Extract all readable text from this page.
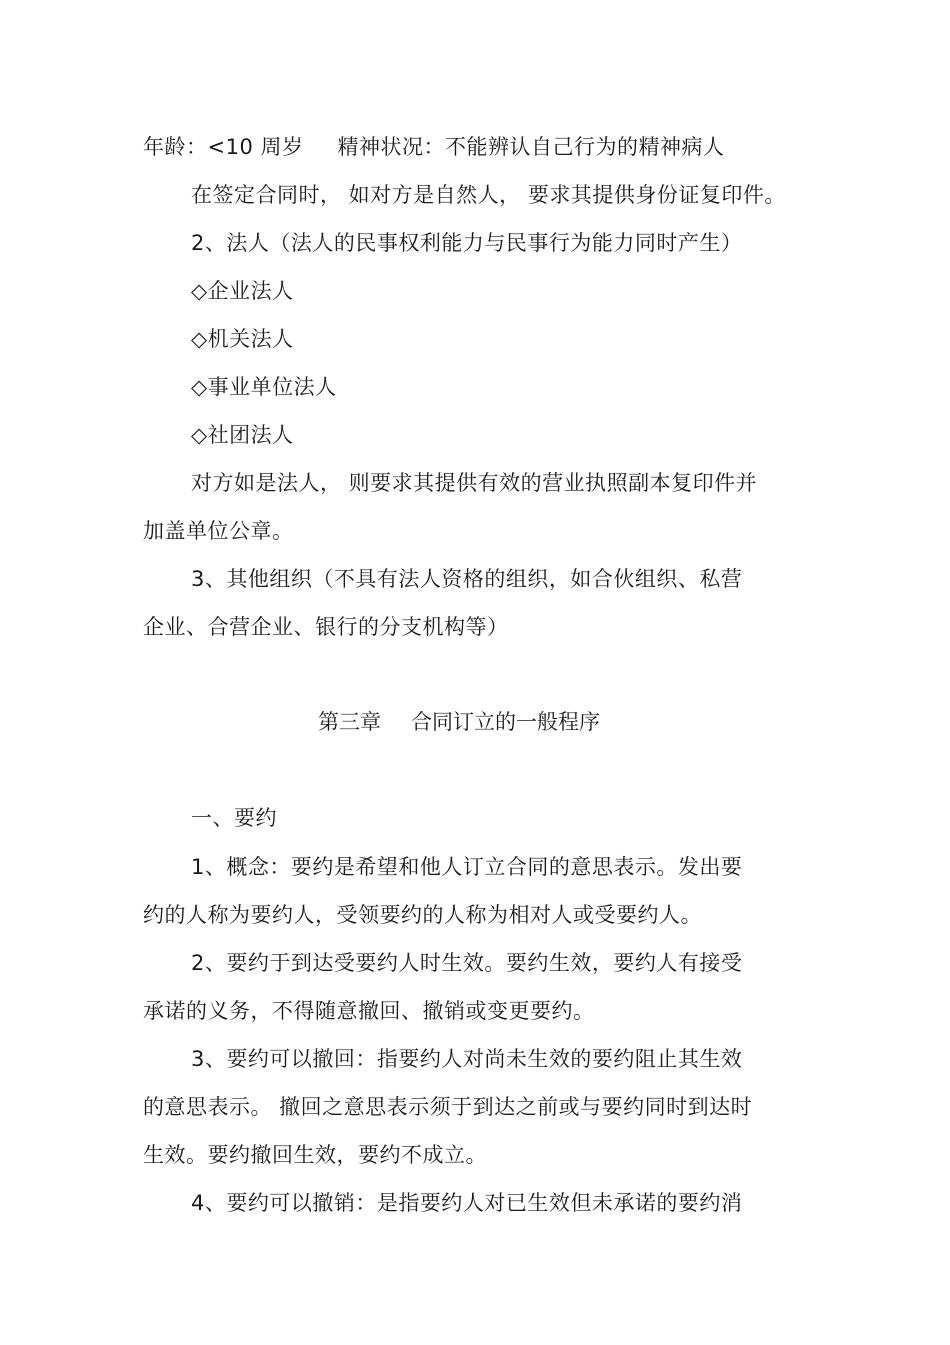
年龄：<10 周岁 精神状况：不能辨认自己行为的精神病人
在签定合同时， 如对方是自然人， 要求其提供身份证复印件。
2、法人（法人的民事权利能力与民事行为能力同时产生）
◇企业法人
◇机关法人
◇事业单位法人
◇社团法人
对方如是法人， 则要求其提供有效的营业执照副本复印件并
加盖单位公章。
3、其他组织（不具有法人资格的组织，如合伙组织、私营
企业、合营企业、银行的分支机构等）
第三章 合同订立的一般程序
一、要约
1、概念：要约是希望和他人订立合同的意思表示。发出要
约的人称为要约人，受领要约的人称为相对人或受要约人。
2、要约于到达受要约人时生效。要约生效，要约人有接受
承诺的义务，不得随意撤回、撤销或变更要约。
3、要约可以撤回：指要约人对尚未生效的要约阻止其生效
的意思表示。 撤回之意思表示须于到达之前或与要约同时到达时
生效。要约撤回生效，要约不成立。
4、要约可以撤销：是指要约人对已生效但未承诺的要约消
